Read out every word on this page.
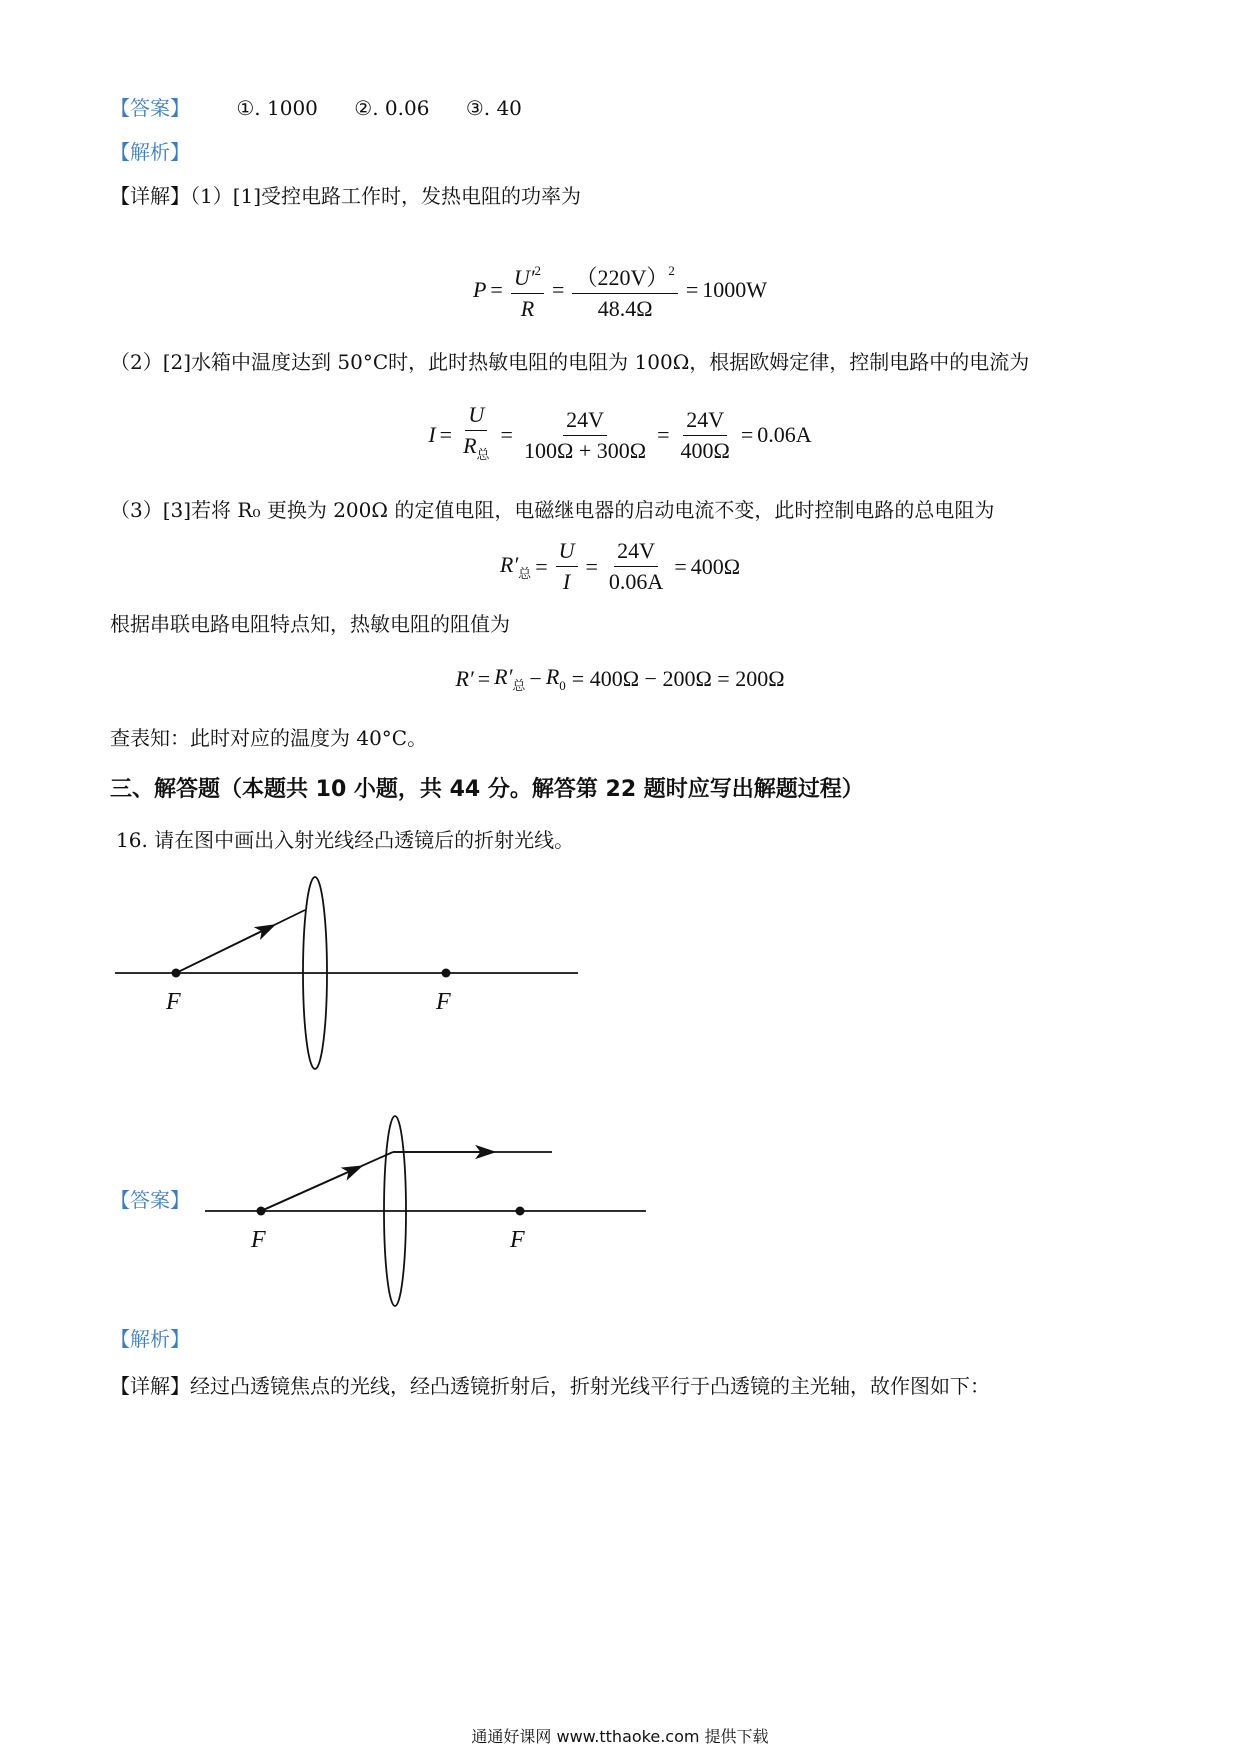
【答案】 ①. 1000 ②. 0.06 ③. 40
【解析】
【详解】（1）[1]受控电路工作时，发热电阻的功率为
$P = \frac{U'^2}{R} = \frac{(220V)^2}{48.4\Omega} = 1000W$
（2）[2]水箱中温度达到 50°C时，此时热敏电阻的电阻为 100Ω，根据欧姆定律，控制电路中的电流为
$I = \frac{U}{R_总} = \frac{24V}{100\Omega + 300\Omega} = \frac{24V}{400\Omega} = 0.06A$
（3）[3]若将 R₀ 更换为 200Ω 的定值电阻，电磁继电器的启动电流不变，此时控制电路的总电阻为
$R'_总 = \frac{U}{I} = \frac{24V}{0.06A} = 400\Omega$
根据串联电路电阻特点知，热敏电阻的阻值为
$R' = R'_总 - R_0 = 400\Omega - 200\Omega = 200\Omega$
查表知：此时对应的温度为 40°C。
三、解答题（本题共 10 小题，共 44 分。解答第 22 题时应写出解题过程）
16. 请在图中画出入射光线经凸透镜后的折射光线。
F	F
【答案】
F	F
【解析】
【详解】经过凸透镜焦点的光线，经凸透镜折射后，折射光线平行于凸透镜的主光轴，故作图如下：
通通好课网 www.tthaoke.com 提供下载
